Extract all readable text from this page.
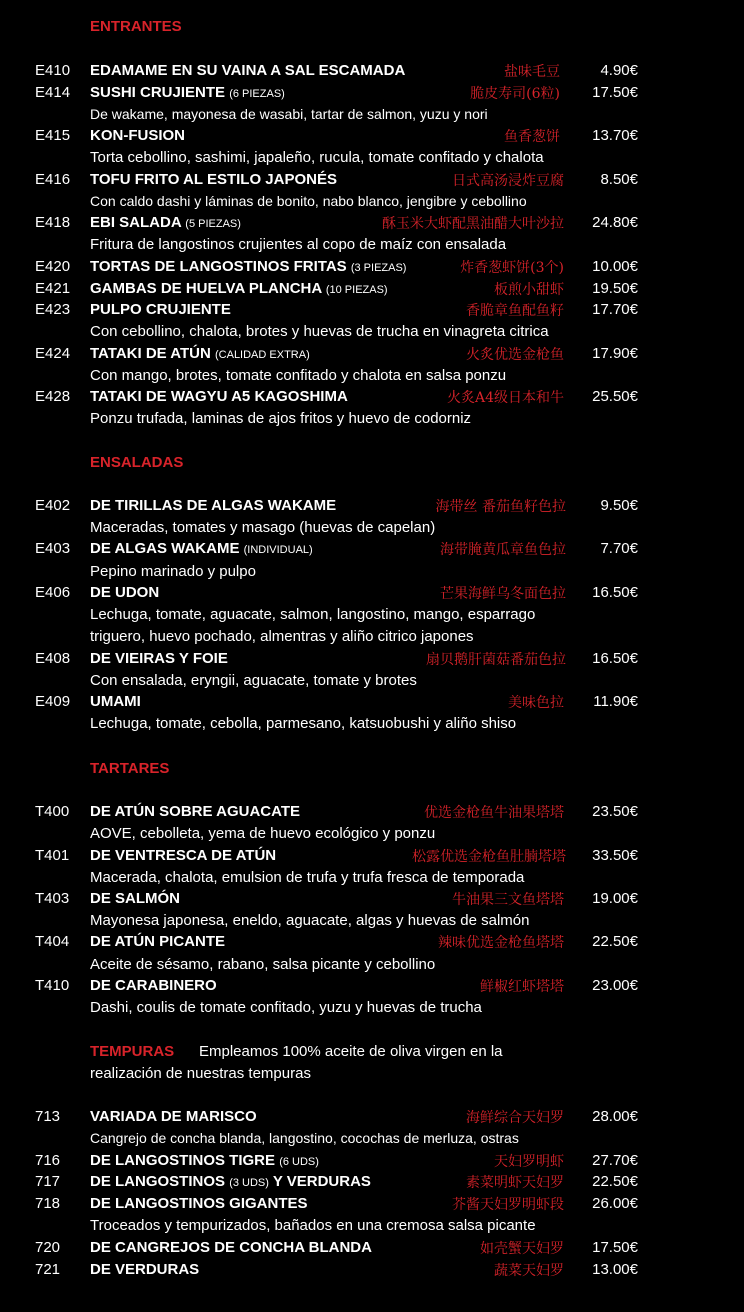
ENTRANTES
E410 EDAMAME EN SU VAINA A SAL ESCAMADA	盐味毛豆	4.90€
E414 SUSHI CRUJIENTE (6 PIEZAS)	脆皮寿司(6粒) 17.50€
De wakame, mayonesa de wasabi, tartar de salmon, yuzu y nori
E415 KON-FUSION	鱼香葱饼 13.70€
Torta cebollino, sashimi, japaleño, rucula, tomate confitado y chalota
E416 TOFU FRITO AL ESTILO JAPONÉS	日式高汤浸炸豆腐 8.50€
Con caldo dashi y láminas de bonito, nabo blanco, jengibre y cebollino
E418 EBI SALADA (5 PIEZAS)	酥玉米大虾配黑油醋大叶沙拉 24.80€
Fritura de langostinos crujientes al copo de maíz con ensalada
E420 TORTAS DE LANGOSTINOS FRITAS (3 PIEZAS)	炸香葱虾饼(3个) 10.00€
E421 GAMBAS DE HUELVA PLANCHA (10 PIEZAS)	板煎小甜虾 19.50€
E423 PULPO CRUJIENTE	香脆章鱼配鱼籽 17.70€
Con cebollino, chalota, brotes y huevas de trucha en vinagreta citrica
E424 TATAKI DE ATÚN (CALIDAD EXTRA)	火炙优选金枪鱼 17.90€
Con mango, brotes, tomate confitado y chalota en salsa ponzu
E428 TATAKI DE WAGYU A5 KAGOSHIMA	火炙A4级日本和牛 25.50€
Ponzu trufada, laminas de ajos fritos y huevo de codorniz
ENSALADAS
E402 DE TIRILLAS DE ALGAS WAKAME	海带丝 番茄鱼籽色拉 9.50€
Maceradas, tomates y masago (huevas de capelan)
E403 DE ALGAS WAKAME (INDIVIDUAL)	海带腌黄瓜章鱼色拉 7.70€
Pepino marinado y pulpo
E406 DE UDON	芒果海鲜乌冬面色拉 16.50€
Lechuga, tomate, aguacate, salmon, langostino, mango, esparrago
triguero, huevo pochado, almentras y aliño citrico japones
E408 DE VIEIRAS Y FOIE	扇贝鹅肝菌菇番茄色拉 16.50€
Con ensalada, eryngii, aguacate, tomate y brotes
E409 UMAMI	美味色拉 11.90€
Lechuga, tomate, cebolla, parmesano, katsuobushi y aliño shiso
TARTARES
T400 DE ATÚN SOBRE AGUACATE	优选金枪鱼牛油果塔塔 23.50€
AOVE, cebolleta, yema de huevo ecológico y ponzu
T401 DE VENTRESCA DE ATÚN	松露优选金枪鱼肚腩塔塔 33.50€
Macerada, chalota, emulsion de trufa y trufa fresca de temporada
T403 DE SALMÓN	牛油果三文鱼塔塔 19.00€
Mayonesa japonesa, eneldo, aguacate, algas y huevas de salmón
T404 DE ATÚN PICANTE	辣味优选金枪鱼塔塔 22.50€
Aceite de sésamo, rabano, salsa picante y cebollino
T410 DE CARABINERO	鲜椒红虾塔塔 23.00€
Dashi, coulis de tomate confitado, yuzu y huevas de trucha
TEMPURAS Empleamos 100% aceite de oliva virgen en la
realización de nuestras tempuras
713 VARIADA DE MARISCO	海鲜综合天妇罗 28.00€
Cangrejo de concha blanda, langostino, cocochas de merluza, ostras
716 DE LANGOSTINOS TIGRE (6 UDS)	天妇罗明虾 27.70€
717 DE LANGOSTINOS (3 UDS) Y VERDURAS	素菜明虾天妇罗 22.50€
718 DE LANGOSTINOS GIGANTES	芥酱天妇罗明虾段 26.00€
Troceados y tempurizados, bañados en una cremosa salsa picante
720 DE CANGREJOS DE CONCHA BLANDA	如壳蟹天妇罗 17.50€
721 DE VERDURAS	蔬菜天妇罗 13.00€
